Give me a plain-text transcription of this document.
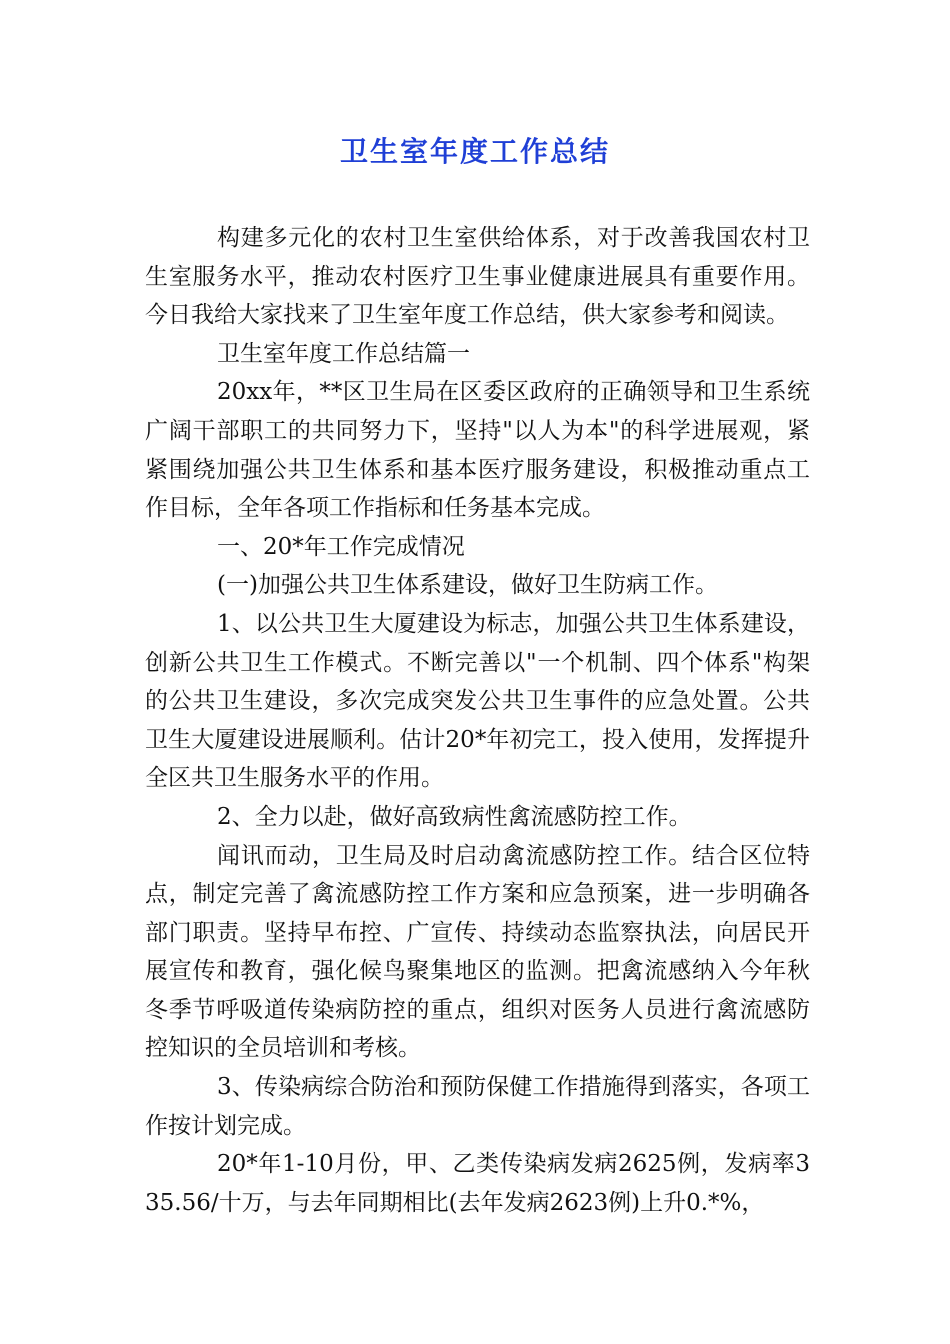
卫生室年度工作总结

构建多元化的农村卫生室供给体系，对于改善我国农村卫生室服务水平，推动农村医疗卫生事业健康进展具有重要作用。今日我给大家找来了卫生室年度工作总结，供大家参考和阅读。

卫生室年度工作总结篇一

20xx年，**区卫生局在区委区政府的正确领导和卫生系统广阔干部职工的共同努力下，坚持"以人为本"的科学进展观，紧紧围绕加强公共卫生体系和基本医疗服务建设，积极推动重点工作目标，全年各项工作指标和任务基本完成。

一、20*年工作完成情况

(一)加强公共卫生体系建设，做好卫生防病工作。

1、以公共卫生大厦建设为标志，加强公共卫生体系建设，创新公共卫生工作模式。不断完善以"一个机制、四个体系"构架的公共卫生建设，多次完成突发公共卫生事件的应急处置。公共卫生大厦建设进展顺利。估计20*年初完工，投入使用，发挥提升全区共卫生服务水平的作用。

2、全力以赴，做好高致病性禽流感防控工作。

闻讯而动，卫生局及时启动禽流感防控工作。结合区位特点，制定完善了禽流感防控工作方案和应急预案，进一步明确各部门职责。坚持早布控、广宣传、持续动态监察执法，向居民开展宣传和教育，强化候鸟聚集地区的监测。把禽流感纳入今年秋冬季节呼吸道传染病防控的重点，组织对医务人员进行禽流感防控知识的全员培训和考核。

3、传染病综合防治和预防保健工作措施得到落实，各项工作按计划完成。

20*年1-10月份，甲、乙类传染病发病2625例，发病率335.56/十万，与去年同期相比(去年发病2623例)上升0.*%，
